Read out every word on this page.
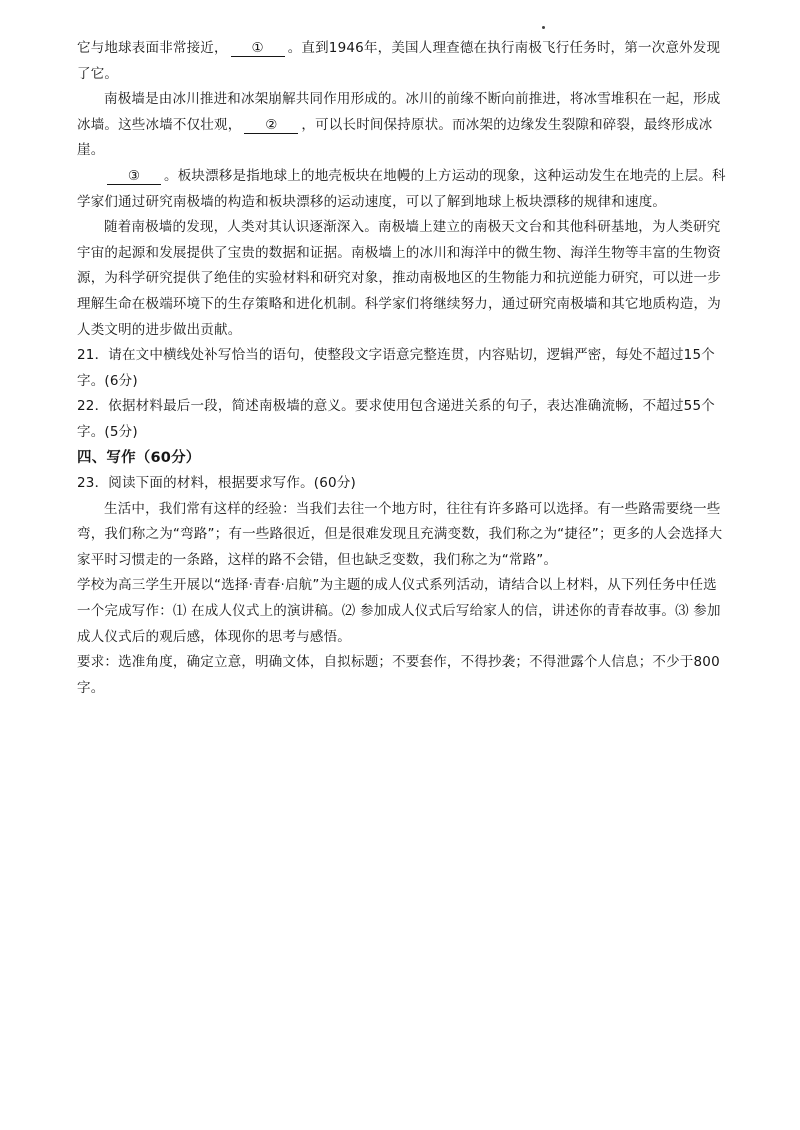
它与地球表面非常接近， ① 。直到1946年，美国人理查德在执行南极飞行任务时，第一次意外发现了它。

南极墙是由冰川推进和冰架崩解共同作用形成的。冰川的前缘不断向前推进，将冰雪堆积在一起，形成冰墙。这些冰墙不仅壮观， ② ，可以长时间保持原状。而冰架的边缘发生裂隙和碎裂，最终形成冰崖。

③ 。板块漂移是指地球上的地壳板块在地幔的上方运动的现象，这种运动发生在地壳的上层。科学家们通过研究南极墙的构造和板块漂移的运动速度，可以了解到地球上板块漂移的规律和速度。

随着南极墙的发现，人类对其认识逐渐深入。南极墙上建立的南极天文台和其他科研基地，为人类研究宇宙的起源和发展提供了宝贵的数据和证据。南极墙上的冰川和海洋中的微生物、海洋生物等丰富的生物资源，为科学研究提供了绝佳的实验材料和研究对象，推动南极地区的生物能力和抗逆能力研究，可以进一步理解生命在极端环境下的生存策略和进化机制。科学家们将继续努力，通过研究南极墙和其它地质构造，为人类文明的进步做出贡献。

21．请在文中横线处补写恰当的语句，使整段文字语意完整连贯，内容贴切，逻辑严密，每处不超过15个字。(6分)

22．依据材料最后一段，简述南极墙的意义。要求使用包含递进关系的句子，表达准确流畅，不超过55个字。(5分)

四、写作（60分）

23．阅读下面的材料，根据要求写作。(60分)

生活中，我们常有这样的经验：当我们去往一个地方时，往往有许多路可以选择。有一些路需要绕一些弯，我们称之为“弯路”；有一些路很近，但是很难发现且充满变数，我们称之为“捷径”；更多的人会选择大家平时习惯走的一条路，这样的路不会错，但也缺乏变数，我们称之为“常路”。

学校为高三学生开展以“选择·青春·启航”为主题的成人仪式系列活动，请结合以上材料，从下列任务中任选一个完成写作：⑴ 在成人仪式上的演讲稿。⑵ 参加成人仪式后写给家人的信，讲述你的青春故事。⑶ 参加成人仪式后的观后感，体现你的思考与感悟。

要求：选准角度，确定立意，明确文体，自拟标题；不要套作，不得抄袭；不得泄露个人信息；不少于800字。
